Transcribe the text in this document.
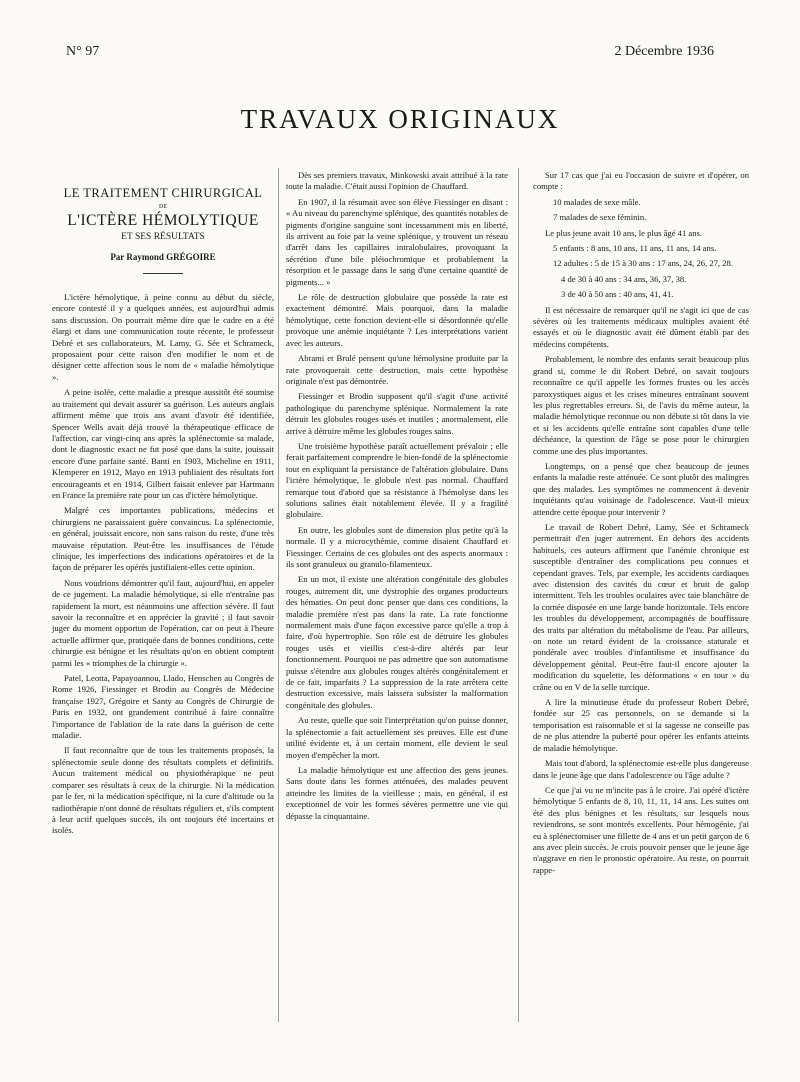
N° 97	2 Décembre 1936
TRAVAUX ORIGINAUX
LE TRAITEMENT CHIRURGICAL
DE
L'ICTÈRE HÉMOLYTIQUE
ET SES RÉSULTATS
Par Raymond GRÉGOIRE

L'ictère hémolytique, à peine connu au début du siècle, encore contesté il y a quelques années, est aujourd'hui admis sans discussion. On pourrait même dire que le cadre en a été élargi et dans une communication toute récente, le professeur Debré et ses collaborateurs, M. Lamy, G. Sée et Schrameck, proposaient pour cette raison d'en modifier le nom et de désigner cette affection sous le nom de « maladie hémolytique ».

A peine isolée, cette maladie a presque aussitôt été soumise au traitement qui devait assurer sa guérison. Les auteurs anglais affirment même que trois ans avant d'avoir été identifiée, Spencer Wells avait déjà trouvé la thérapeutique efficace de l'affection, car vingt-cinq ans après la splénectomie sa malade, dont le diagnostic exact ne fut posé que dans la suite, jouissait encore d'une parfaite santé. Banti en 1903, Micheline en 1911, Klemperer en 1912, Mayo en 1913 publiaient des résultats fort encourageants et en 1914, Gilbert faisait enlever par Hartmann en France la première rate pour un cas d'ictère hémolytique.

Malgré ces importantes publications, médecins et chirurgiens ne paraissaient guère convaincus. La splénectomie, en général, jouissait encore, non sans raison du reste, d'une très mauvaise réputation. Peut-être les insuffisances de l'étude clinique, les imperfections des indications opératoires et de la façon de préparer les opérés justifiaient-elles cette opinion.

Nous voudrions démontrer qu'il faut, aujourd'hui, en appeler de ce jugement. La maladie hémolytique, si elle n'entraîne pas rapidement la mort, est néanmoins une affection sévère. Il faut savoir la reconnaître et en apprécier la gravité ; il faut savoir juger du moment opportun de l'opération, car on peut à l'heure actuelle affirmer que, pratiquée dans de bonnes conditions, cette chirurgie est bénigne et les résultats qu'on en obtient comptent parmi les « triomphes de la chirurgie ».

Patel, Leotta, Papayoannou, Llado, Henschen au Congrès de Rome 1926, Fiessinger et Brodin au Congrès de Médecine française 1927, Grégoire et Santy au Congrès de Chirurgie de Paris en 1932, ont grandement contribué à faire connaître l'importance de l'ablation de la rate dans la guérison de cette maladie.

Il faut reconnaître que de tous les traitements proposés, la splénectomie seule donne des résultats complets et définitifs. Aucun traitement médical ou physiothérapique ne peut comparer ses résultats à ceux de la chirurgie. Ni la médication par le fer, ni la médication spécifique, ni la cure d'altitude ou la radiothérapie n'ont donné de résultats réguliers et, s'ils comptent à leur actif quelques succès, ils ont toujours été incertains et isolés.

Dès ses premiers travaux, Minkowski avait attribué à la rate toute la maladie. C'était aussi l'opinion de Chauffard.

En 1907, il la résumait avec son élève Fiessinger en disant : « Au niveau du parenchyme splénique, des quantités notables de pigments d'origine sanguine sont incessamment mis en liberté, ils arrivent au foie par la veine splénique, y trouvent un réseau d'arrêt dans les capillaires intralobulaires, provoquant la sécrétion d'une bile pléiochromique et probablement la résorption et le passage dans le sang d'une certaine quantité de pigments... »

Le rôle de destruction globulaire que possède la rate est exactement démontré. Mais pourquoi, dans la maladie hémolytique, cette fonction devient-elle si désordonnée qu'elle provoque une anémie inquiétante ? Les interprétations varient avec les auteurs.

Abrami et Brulé pensent qu'une hémolysine produite par la rate provoquerait cette destruction, mais cette hypothèse originale n'est pas démontrée.

Fiessinger et Brodin supposent qu'il s'agit d'une activité pathologique du parenchyme splénique. Normalement la rate détruit les globules rouges usés et inutiles ; anormalement, elle arrive à détruire même les globules rouges sains.

Une troisième hypothèse paraît actuellement prévaloir ; elle ferait parfaitement comprendre le bien-fondé de la splénectomie tout en expliquant la persistance de l'altération globulaire. Dans l'ictère hémolytique, le globule n'est pas normal. Chauffard remarque tout d'abord que sa résistance à l'hémolyse dans les solutions salines était notablement élevée. Il y a fragilité globulaire.

En outre, les globules sont de dimension plus petite qu'à la normale. Il y a microcythémie, comme disaient Chauffard et Fiessinger. Certains de ces globules ont des aspects anormaux : ils sont granuleux ou granulo-filamenteux.

En un mot, il existe une altération congénitale des globules rouges, autrement dit, une dystrophie des organes producteurs des hématies. On peut donc penser que dans ces conditions, la maladie première n'est pas dans la rate. La rate fonctionne normalement mais d'une façon excessive parce qu'elle a trop à faire, d'où hypertrophie. Son rôle est de détruire les globules rouges usés et vieillis c'est-à-dire altérés par leur fonctionnement. Pourquoi ne pas admettre que son automatisme puisse s'étendre aux globules rouges altérés congénitalement et de ce fait, imparfaits ? La suppression de la rate arrêtera cette destruction excessive, mais laissera subsister la malformation congénitale des globules.

Au reste, quelle que soit l'interprétation qu'on puisse donner, la splénectomie a fait actuellement ses preuves. Elle est d'une utilité évidente et, à un certain moment, elle devient le seul moyen d'empêcher la mort.

La maladie hémolytique est une affection des gens jeunes. Sans doute dans les formes atténuées, des malades peuvent atteindre les limites de la vieillesse ; mais, en général, il est exceptionnel de voir les formes sévères permettre une vie qui dépasse la cinquantaine.

Sur 17 cas que j'ai eu l'occasion de suivre et d'opérer, on compte :

10 malades de sexe mâle.

7 malades de sexe féminin.

Le plus jeune avait 10 ans, le plus âgé 41 ans.

5 enfants : 8 ans, 10 ans, 11 ans, 11 ans, 14 ans.

12 adultes : 5 de 15 à 30 ans : 17 ans, 24, 26, 27, 28.

4 de 30 à 40 ans : 34 ans, 36, 37, 38.

3 de 40 à 50 ans : 40 ans, 41, 41.

Il est nécessaire de remarquer qu'il ne s'agit ici que de cas sévères où les traitements médicaux multiples avaient été essayés et où le diagnostic avait été dûment établi par des médecins compétents.

Probablement, le nombre des enfants serait beaucoup plus grand si, comme le dit Robert Debré, on savait toujours reconnaître ce qu'il appelle les formes frustes ou les accès paroxystiques aigus et les crises mineures entraînant souvent les plus regrettables erreurs. Si, de l'avis du même auteur, la maladie hémolytique reconnue ou non débute si tôt dans la vie et si les accidents qu'elle entraîne sont capables d'une telle déchéance, la question de l'âge se pose pour le chirurgien comme une des plus importantes.

Longtemps, on a pensé que chez beaucoup de jeunes enfants la maladie reste atténuée. Ce sont plutôt des malingres que des malades. Les symptômes ne commencent à devenir inquiétants qu'au voisinage de l'adolescence. Vaut-il mieux attendre cette époque pour intervenir ?

Le travail de Robert Debré, Lamy, Sée et Schrameck permettrait d'en juger autrement. En dehors des accidents habituels, ces auteurs affirment que l'anémie chronique est susceptible d'entraîner des complications peu connues et cependant graves. Tels, par exemple, les accidents cardiaques avec distension des cavités du cœur et bruit de galop intermittent. Tels les troubles oculaires avec taie blanchâtre de la cornée disposée en une large bande horizontale. Tels encore les troubles du développement, accompagnés de bouffissure des traits par altération du métabolisme de l'eau. Par ailleurs, on note un retard évident de la croissance staturale et pondérale avec troubles d'infantilisme et insuffisance du développement génital. Peut-être faut-il encore ajouter la modification du squelette, les déformations « en tour » du crâne ou en V de la selle turcique.

A lire la minutieuse étude du professeur Robert Debré, fondée sur 25 cas personnels, on se demande si la temporisation est raisonnable et si la sagesse ne conseille pas de ne plus attendre la puberté pour opérer les enfants atteints de maladie hémolytique.

Mais tout d'abord, la splénectomie est-elle plus dangereuse dans le jeune âge que dans l'adolescence ou l'âge adulte ?

Ce que j'ai vu ne m'incite pas à le croire. J'ai opéré d'ictère hémolytique 5 enfants de 8, 10, 11, 11, 14 ans. Les suites ont été des plus bénignes et les résultats, sur lesquels nous reviendrons, se sont montrés excellents. Pour hémogénie, j'ai eu à splénectomiser une fillette de 4 ans et un petit garçon de 6 ans avec plein succès. Je crois pouvoir penser que le jeune âge n'aggrave en rien le pronostic opératoire. Au reste, on pourrait rappe-
